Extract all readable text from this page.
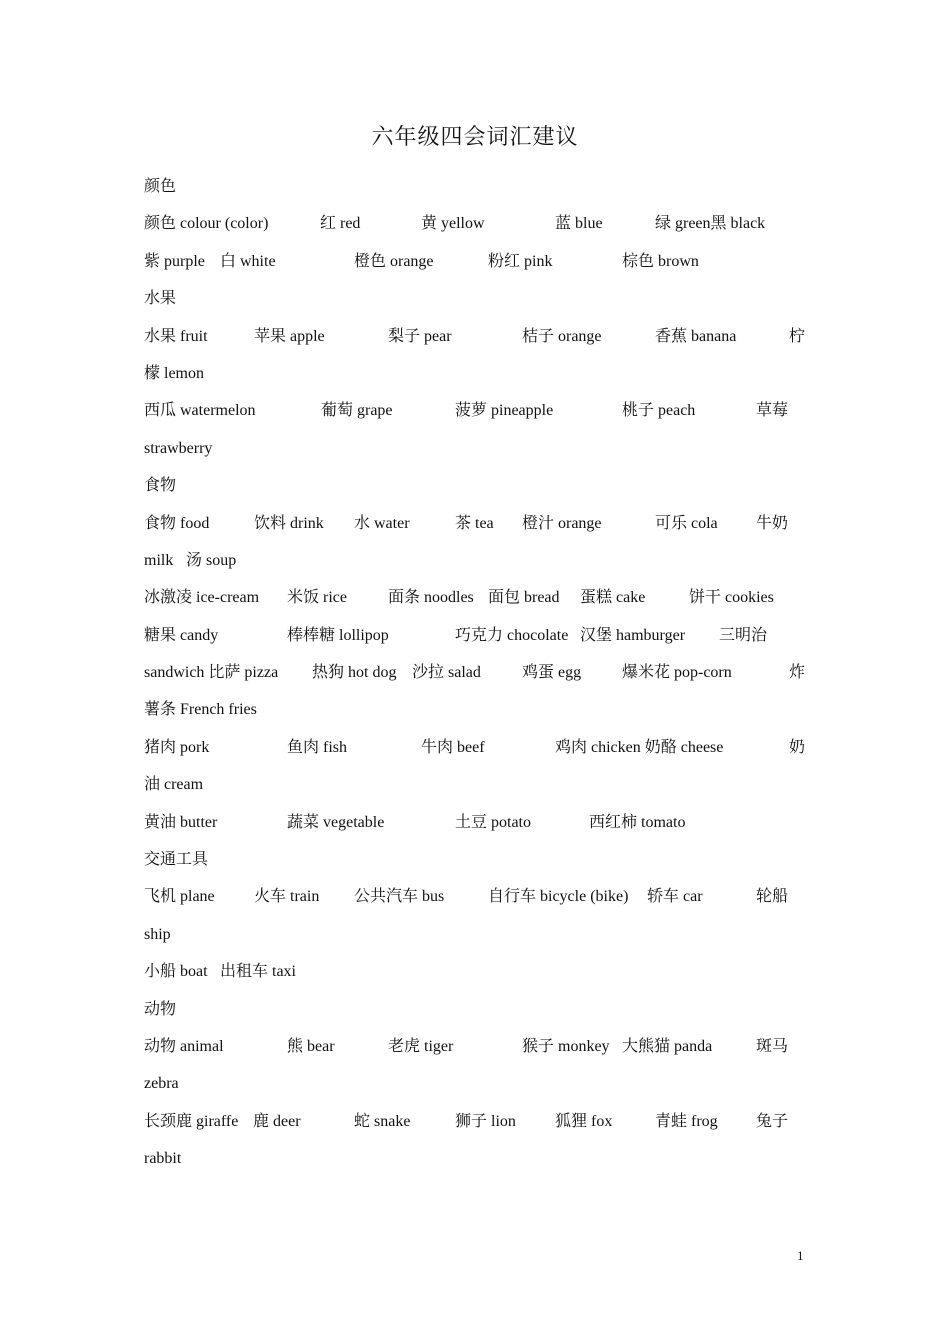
六年级四会词汇建议
颜色
颜色 colour (color)	红 red	黄 yellow	蓝 blue	绿 green黑 black
紫 purple 白 white	橙色 orange	粉红 pink	棕色 brown
水果
水果 fruit	苹果 apple	梨子 pear	桔子 orange	香蕉 banana	柠
檬 lemon
西瓜 watermelon	葡萄 grape	菠萝 pineapple	桃子 peach	草莓
strawberry
食物
食物 food	饮料 drink 水 water	茶 tea 橙汁 orange	可乐 cola 牛奶
milk 汤 soup
冰激凌 ice-cream 米饭 rice	面条 noodles 面包 bread 蛋糕 cake	饼干 cookies
糖果 candy	棒棒糖 lollipop	巧克力 chocolate 汉堡 hamburger 三明治
sandwich 比萨 pizza 热狗 hot dog 沙拉 salad	鸡蛋 egg	爆米花 pop-corn	炸
薯条 French fries
猪肉 pork	鱼肉 fish	牛肉 beef	鸡肉 chicken 奶酪 cheese	奶
油 cream
黄油 butter	蔬菜 vegetable	土豆 potato	西红柿 tomato
交通工具
飞机 plane 火车 train 公共汽车 bus	自行车 bicycle (bike) 轿车 car	轮船
ship
小船 boat 出租车 taxi
动物
动物 animal	熊 bear	老虎 tiger	猴子 monkey 大熊猫 panda	斑马
zebra
长颈鹿 giraffe 鹿 deer	蛇 snake	狮子 lion 狐狸 fox	青蛙 frog 兔子
rabbit
1
